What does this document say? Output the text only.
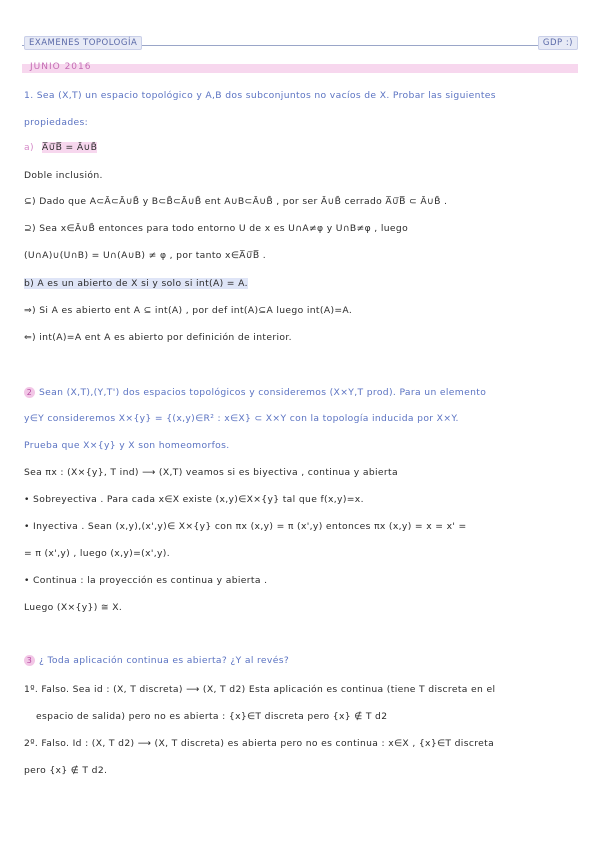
EXAMENES TOPOLOGÍA	GDP :)
JUNIO 2016
1. Sea (X,T) un espacio topológico y A,B dos subconjuntos no vacíos de X. Probar las siguientes
propiedades:
a) A̅∪̅B̅ = Ā∪B̄
Doble inclusión.
⊆) Dado que A⊂Ā⊂Ā∪B̄ y B⊂B̄⊂Ā∪B̄ ent A∪B⊂Ā∪B̄ , por ser Ā∪B̄ cerrado A̅∪̅B̅ ⊂ Ā∪B̄ .
⊇) Sea x∈Ā∪B̄ entonces para todo entorno U de x es U∩A≠φ y U∩B≠φ , luego
(U∩A)∪(U∩B) = U∩(A∪B) ≠ φ , por tanto x∈A̅∪̅B̅ .
b) A es un abierto de X si y solo si int(A) = A.
⇒) Si A es abierto ent A ⊆ int(A) , por def int(A)⊆A luego int(A)=A.
⇐) int(A)=A ent A es abierto por definición de interior.
2 Sean (X,T),(Y,T') dos espacios topológicos y consideremos (X×Y,T prod). Para un elemento
y∈Y consideremos X×{y} = {(x,y)∈R² : x∈X} ⊂ X×Y con la topología inducida por X×Y.
Prueba que X×{y} y X son homeomorfos.
Sea πx : (X×{y}, T ind) ⟶ (X,T) veamos si es biyectiva , continua y abierta
• Sobreyectiva . Para cada x∈X existe (x,y)∈X×{y} tal que f(x,y)=x.
• Inyectiva . Sean (x,y),(x',y)∈ X×{y} con πx (x,y) = π (x',y) entonces πx (x,y) = x = x' =
= π (x',y) , luego (x,y)=(x',y).
• Continua : la proyección es continua y abierta .
Luego (X×{y}) ≅ X.
3 ¿ Toda aplicación continua es abierta? ¿Y al revés?
1º. Falso. Sea id : (X, T discreta) ⟶ (X, T d2) Esta aplicación es continua (tiene T discreta en el
espacio de salida) pero no es abierta : {x}∈T discreta pero {x} ∉ T d2
2º. Falso. Id : (X, T d2) ⟶ (X, T discreta) es abierta pero no es continua : x∈X , {x}∈T discreta
pero {x} ∉ T d2.
